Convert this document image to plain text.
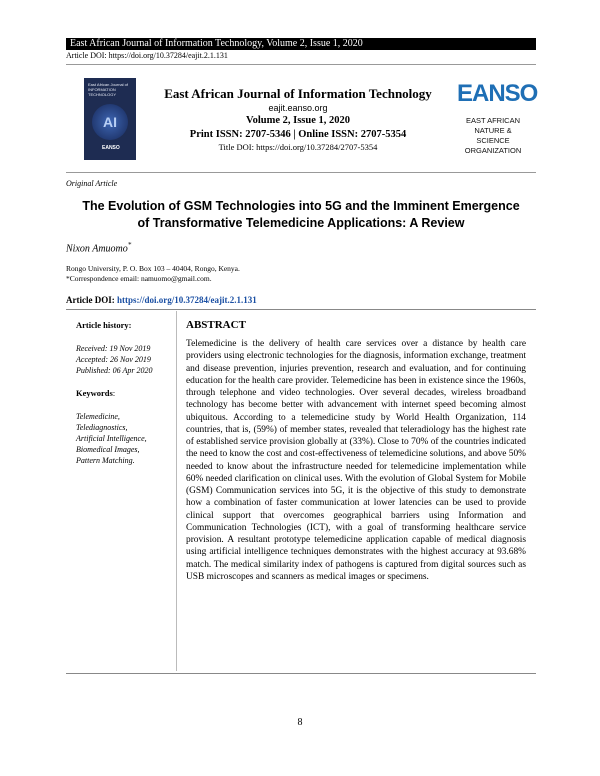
East African Journal of Information Technology, Volume 2, Issue 1, 2020
Article DOI: https://doi.org/10.37284/eajit.2.1.131
East African Journal of INFORMATION TECHNOLOGY
AI
EANSO
East African Journal of Information Technology
eajit.eanso.org
Volume 2, Issue 1, 2020
Print ISSN: 2707-5346 | Online ISSN: 2707-5354
Title DOI: https://doi.org/10.37284/2707-5354
EANSO
EAST AFRICAN
NATURE &
SCIENCE
ORGANIZATION
Original Article
The Evolution of GSM Technologies into 5G and the Imminent Emergence
of Transformative Telemedicine Applications: A Review
Nixon Amuomo*
Rongo University, P. O. Box 103 – 40404, Rongo, Kenya.
*Correspondence email: namuomo@gmail.com.
Article DOI: https://doi.org/10.37284/eajit.2.1.131
Article history:
Received: 19 Nov 2019
Accepted: 26 Nov 2019
Published: 06 Apr 2020
Keywords:
Telemedicine,
Telediagnostics,
Artificial Intelligence,
Biomedical Images,
Pattern Matching.
ABSTRACT

Telemedicine is the delivery of health care services over a distance by health care providers using electronic technologies for the diagnosis, information exchange, treatment and disease prevention, injuries prevention, research and evaluation, and for continuing education for the health care provider. Telemedicine has been in existence since the 1960s, through telephone and video technologies. Over several decades, wireless broadband technology has become better with advancement with internet speed becoming almost ubiquitous. According to a telemedicine study by World Health Organization, 114 countries, that is, (59%) of member states, revealed that teleradiology has the highest rate of established service provision globally at (33%). Close to 70% of the countries indicated the need to know the cost and cost-effectiveness of telemedicine solutions, and above 50% needed to know about the infrastructure needed for telemedicine implementation while 60% needed clarification on clinical uses. With the evolution of Global System for Mobile (GSM) Communication services into 5G, it is the objective of this study to demonstrate how a combination of faster communication at lower latencies can be used to provide clinical support that overcomes geographical barriers using Information and Communication Technologies (ICT), with a goal of transforming healthcare service provision. A resultant prototype telemedicine application capable of medical diagnosis using artificial intelligence techniques demonstrates with the highest accuracy at 93.68% match. The medical similarity index of pathogens is captured from digital sources such as USB microscopes and scanners as medical images or specimens.

8
